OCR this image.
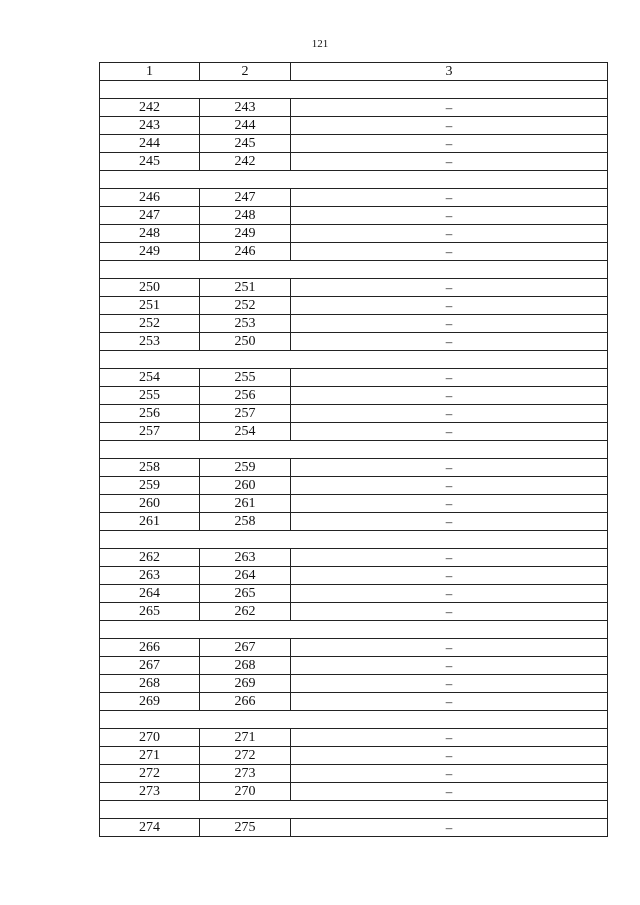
121
1	2	3

242	243	–
243	244	–
244	245	–
245	242	–

246	247	–
247	248	–
248	249	–
249	246	–

250	251	–
251	252	–
252	253	–
253	250	–

254	255	–
255	256	–
256	257	–
257	254	–

258	259	–
259	260	–
260	261	–
261	258	–

262	263	–
263	264	–
264	265	–
265	262	–

266	267	–
267	268	–
268	269	–
269	266	–

270	271	–
271	272	–
272	273	–
273	270	–

274	275	–
